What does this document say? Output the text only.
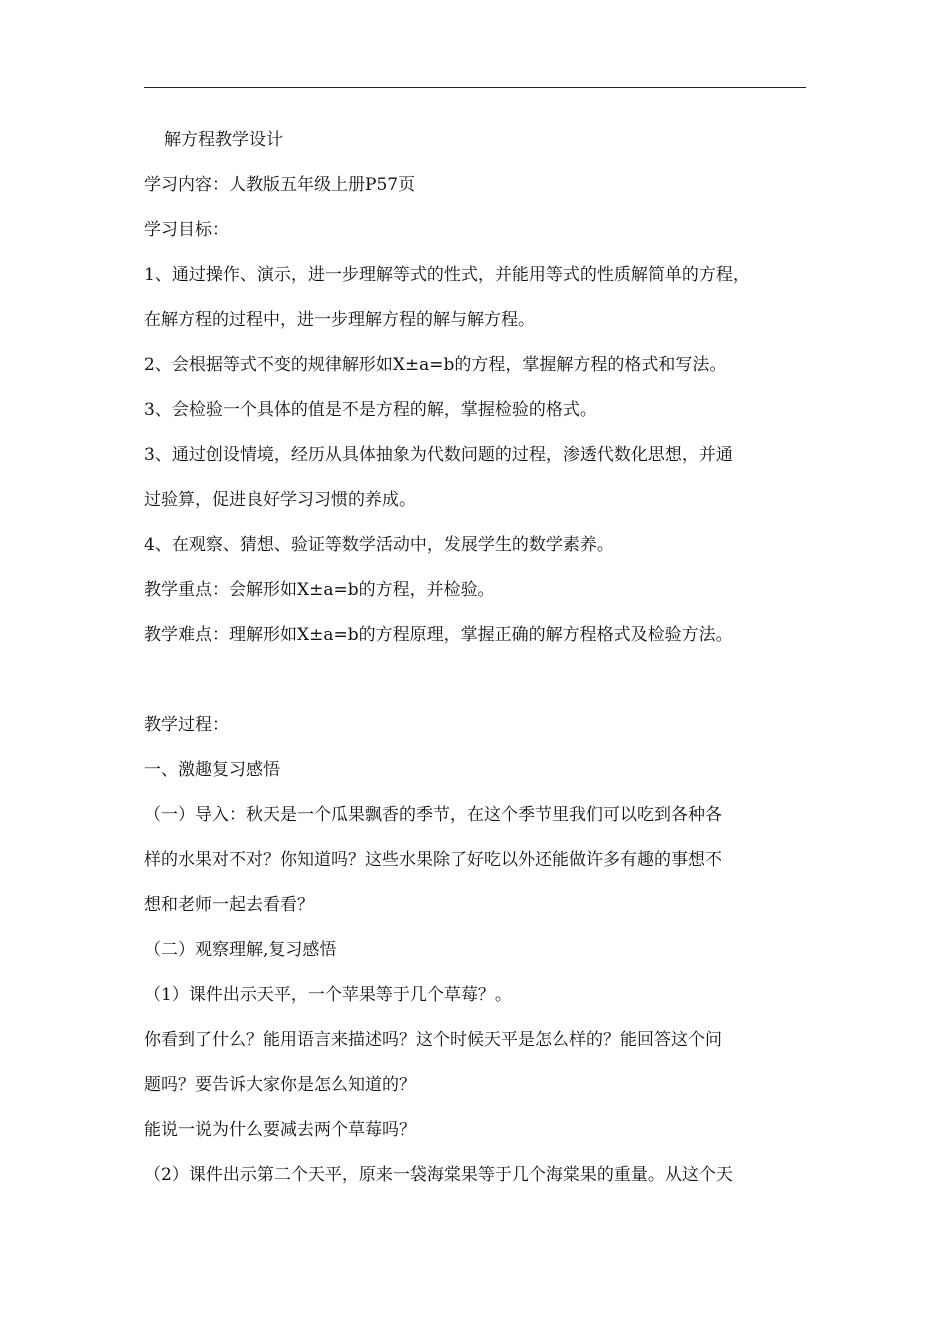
解方程教学设计
学习内容：人教版五年级上册P57页
学习目标：
1、通过操作、演示，进一步理解等式的性式，并能用等式的性质解简单的方程，
在解方程的过程中，进一步理解方程的解与解方程。
2、会根据等式不变的规律解形如X±a=b的方程，掌握解方程的格式和写法。
3、会检验一个具体的值是不是方程的解，掌握检验的格式。
3、通过创设情境，经历从具体抽象为代数问题的过程，渗透代数化思想，并通
过验算，促进良好学习习惯的养成。
4、在观察、猜想、验证等数学活动中，发展学生的数学素养。
教学重点：会解形如X±a=b的方程，并检验。
教学难点：理解形如X±a=b的方程原理，掌握正确的解方程格式及检验方法。
教学过程：
一、激趣复习感悟
（一）导入：秋天是一个瓜果飘香的季节，在这个季节里我们可以吃到各种各
样的水果对不对？你知道吗？这些水果除了好吃以外还能做许多有趣的事想不
想和老师一起去看看？
（二）观察理解,复习感悟
（1）课件出示天平，一个苹果等于几个草莓？。
你看到了什么？能用语言来描述吗？这个时候天平是怎么样的？能回答这个问
题吗？要告诉大家你是怎么知道的？
能说一说为什么要减去两个草莓吗？
（2）课件出示第二个天平，原来一袋海棠果等于几个海棠果的重量。从这个天
